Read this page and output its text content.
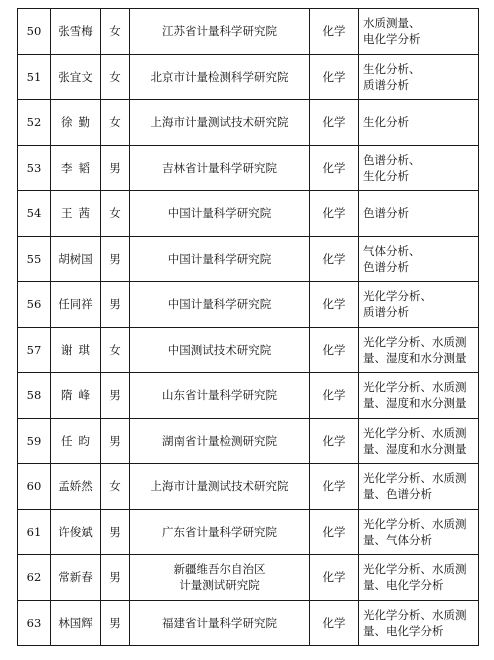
50	张雪梅	女	江苏省计量科学研究院	化学	水质测量、
电化学分析

51	张宜文	女	北京市计量检测科学研究院	化学	生化分析、
质谱分析

52	徐勤	女	上海市计量测试技术研究院	化学	生化分析

53	李韬	男	吉林省计量科学研究院	化学	色谱分析、
生化分析

54	王茜	女	中国计量科学研究院	化学	色谱分析

55	胡树国	男	中国计量科学研究院	化学	气体分析、
色谱分析

56	任同祥	男	中国计量科学研究院	化学	光化学分析、
质谱分析

57	谢琪	女	中国测试技术研究院	化学	光化学分析、水质测
量、湿度和水分测量

58	隋峰	男	山东省计量科学研究院	化学	光化学分析、水质测
量、湿度和水分测量

59	任昀	男	湖南省计量检测研究院	化学	光化学分析、水质测
量、湿度和水分测量

60	孟娇然	女	上海市计量测试技术研究院	化学	光化学分析、水质测
量、色谱分析

61	许俊斌	男	广东省计量科学研究院	化学	光化学分析、水质测
量、气体分析

62	常新春	男	新疆维吾尔自治区
计量测试研究院	化学	光化学分析、水质测
量、电化学分析

63	林国辉	男	福建省计量科学研究院	化学	光化学分析、水质测
量、电化学分析
